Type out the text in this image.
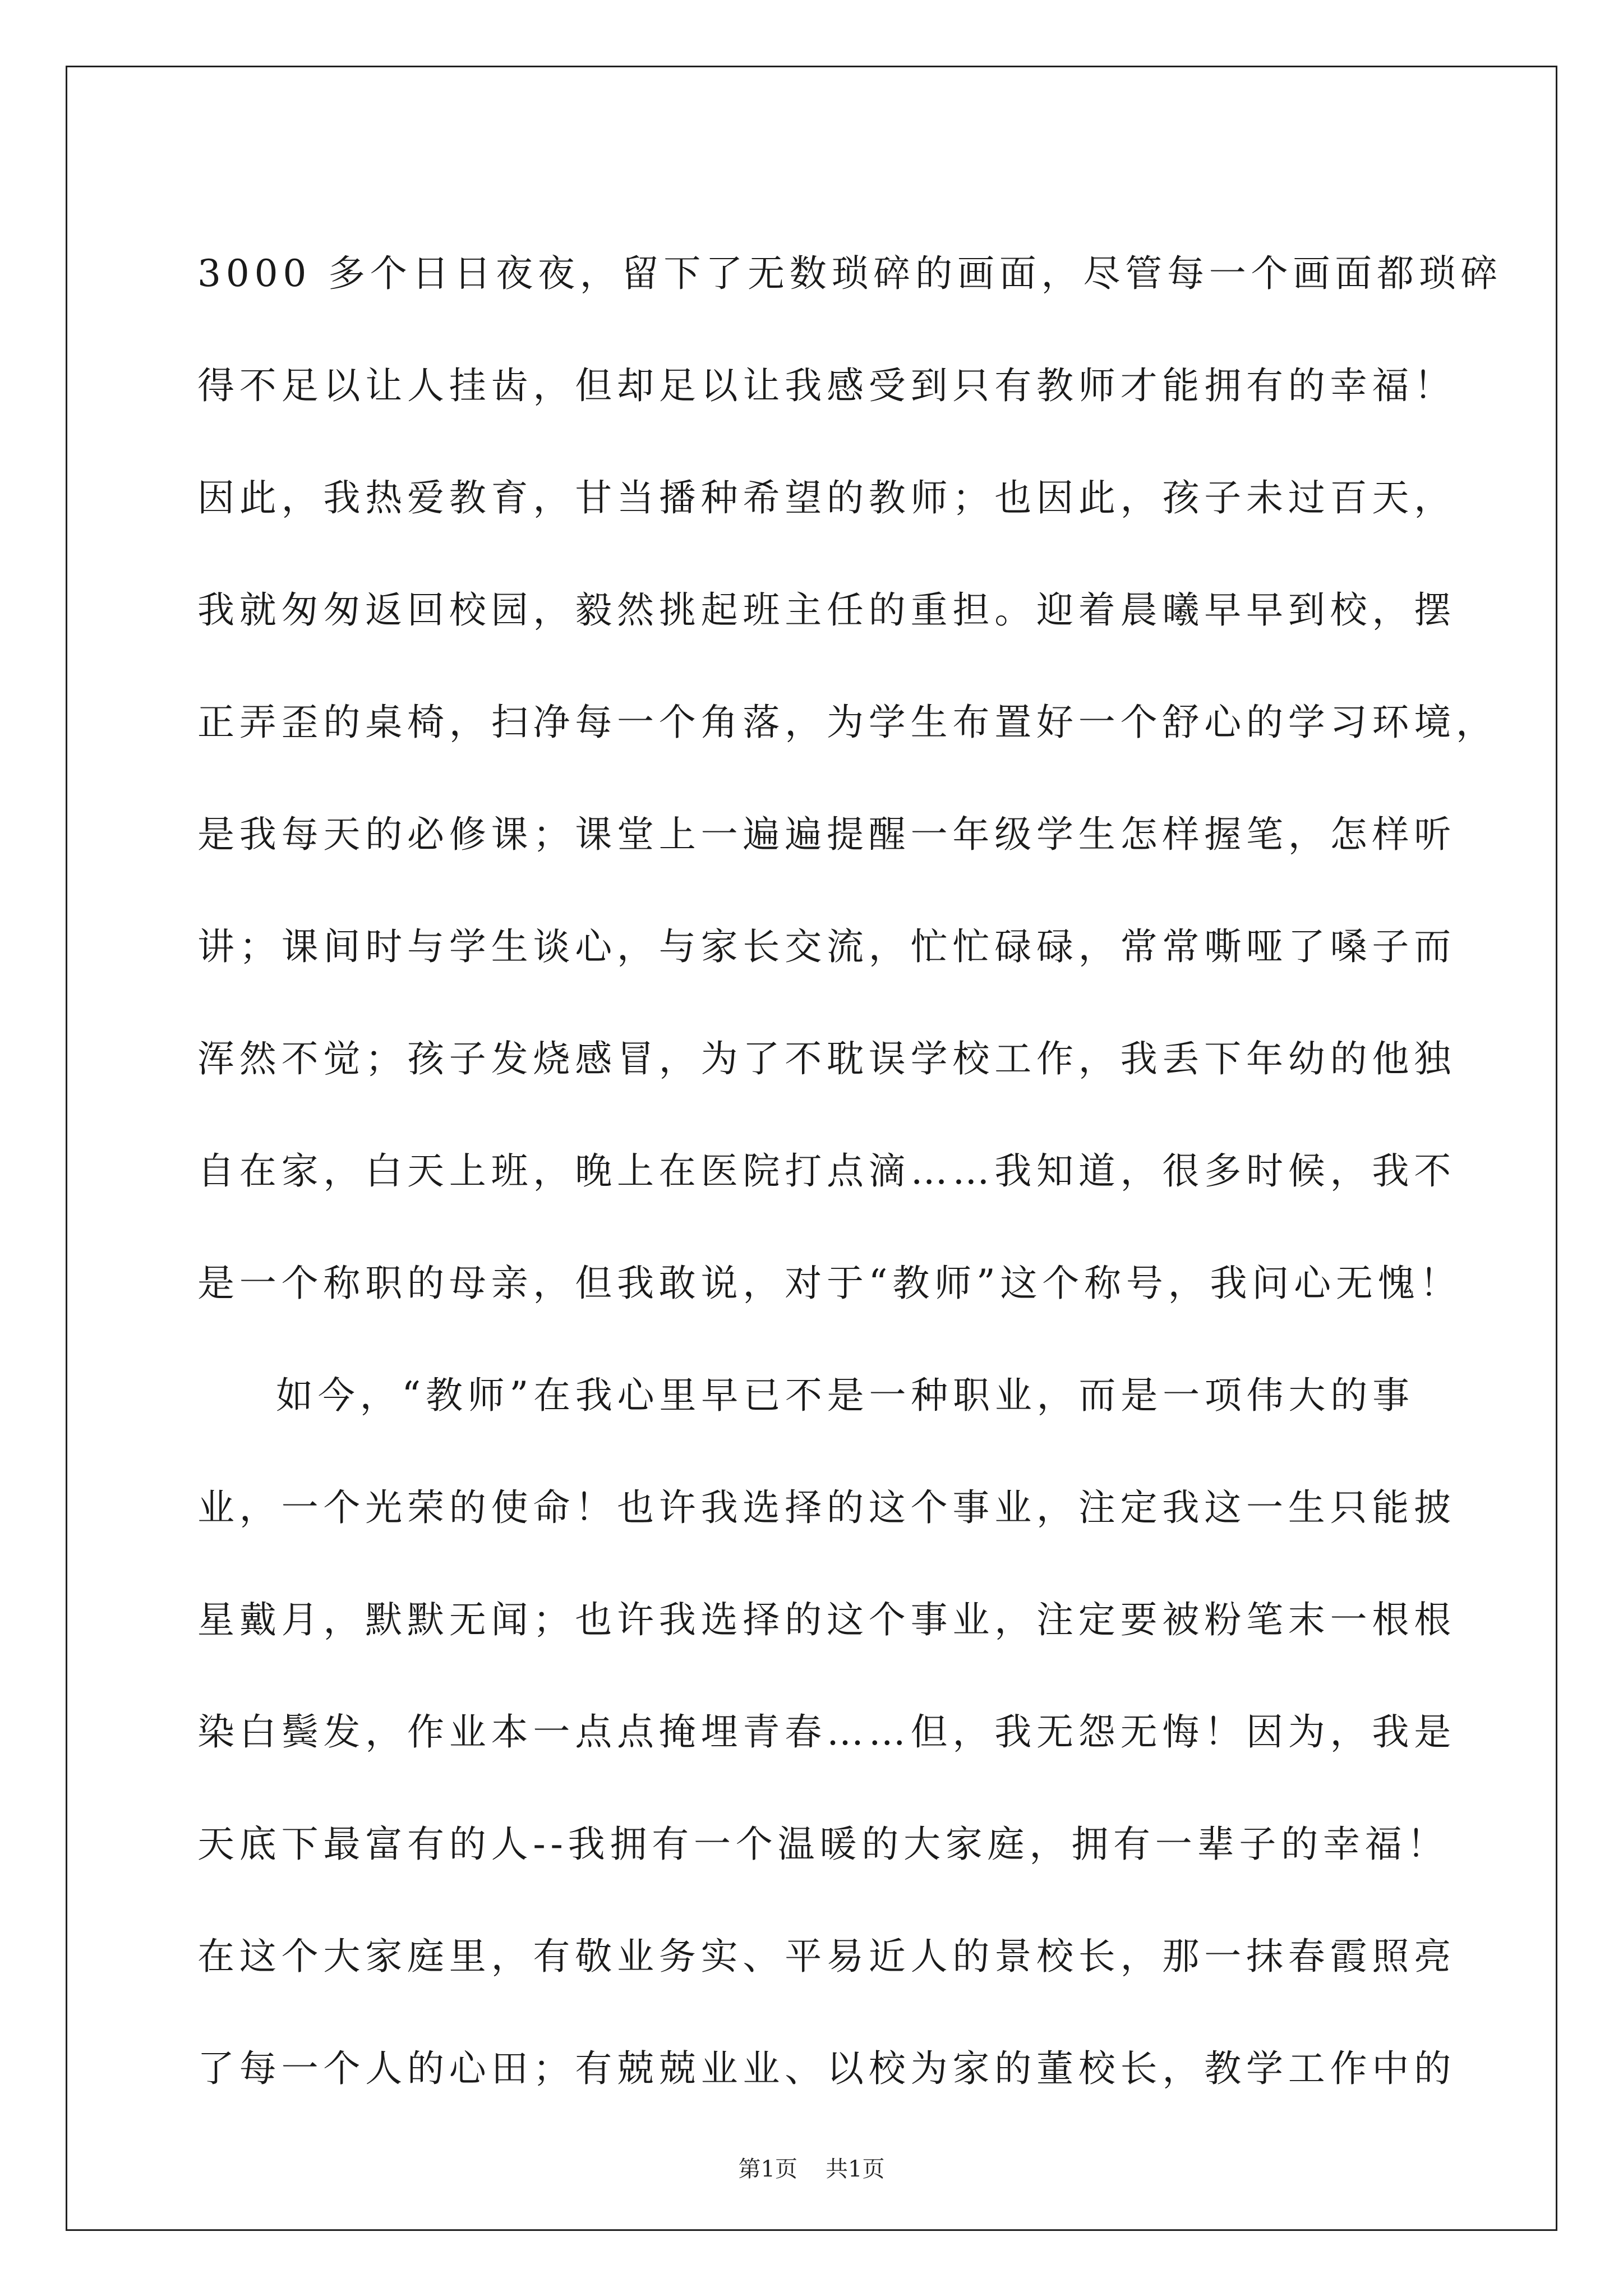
3000 多个日日夜夜，留下了无数琐碎的画面，尽管每一个画面都琐碎
得不足以让人挂齿，但却足以让我感受到只有教师才能拥有的幸福！
因此，我热爱教育，甘当播种希望的教师；也因此，孩子未过百天，
我就匆匆返回校园，毅然挑起班主任的重担。迎着晨曦早早到校，摆
正弄歪的桌椅，扫净每一个角落，为学生布置好一个舒心的学习环境，
是我每天的必修课；课堂上一遍遍提醒一年级学生怎样握笔，怎样听
讲；课间时与学生谈心，与家长交流，忙忙碌碌，常常嘶哑了嗓子而
浑然不觉；孩子发烧感冒，为了不耽误学校工作，我丢下年幼的他独
自在家，白天上班，晚上在医院打点滴……我知道，很多时候，我不
是一个称职的母亲，但我敢说，对于“教师”这个称号，我问心无愧！
如今，“教师”在我心里早已不是一种职业，而是一项伟大的事
业，一个光荣的使命！也许我选择的这个事业，注定我这一生只能披
星戴月，默默无闻；也许我选择的这个事业，注定要被粉笔末一根根
染白鬓发，作业本一点点掩埋青春……但，我无怨无悔！因为，我是
天底下最富有的人--我拥有一个温暖的大家庭，拥有一辈子的幸福！
在这个大家庭里，有敬业务实、平易近人的景校长，那一抹春霞照亮
了每一个人的心田；有兢兢业业、以校为家的董校长，教学工作中的
第1页 共1页
